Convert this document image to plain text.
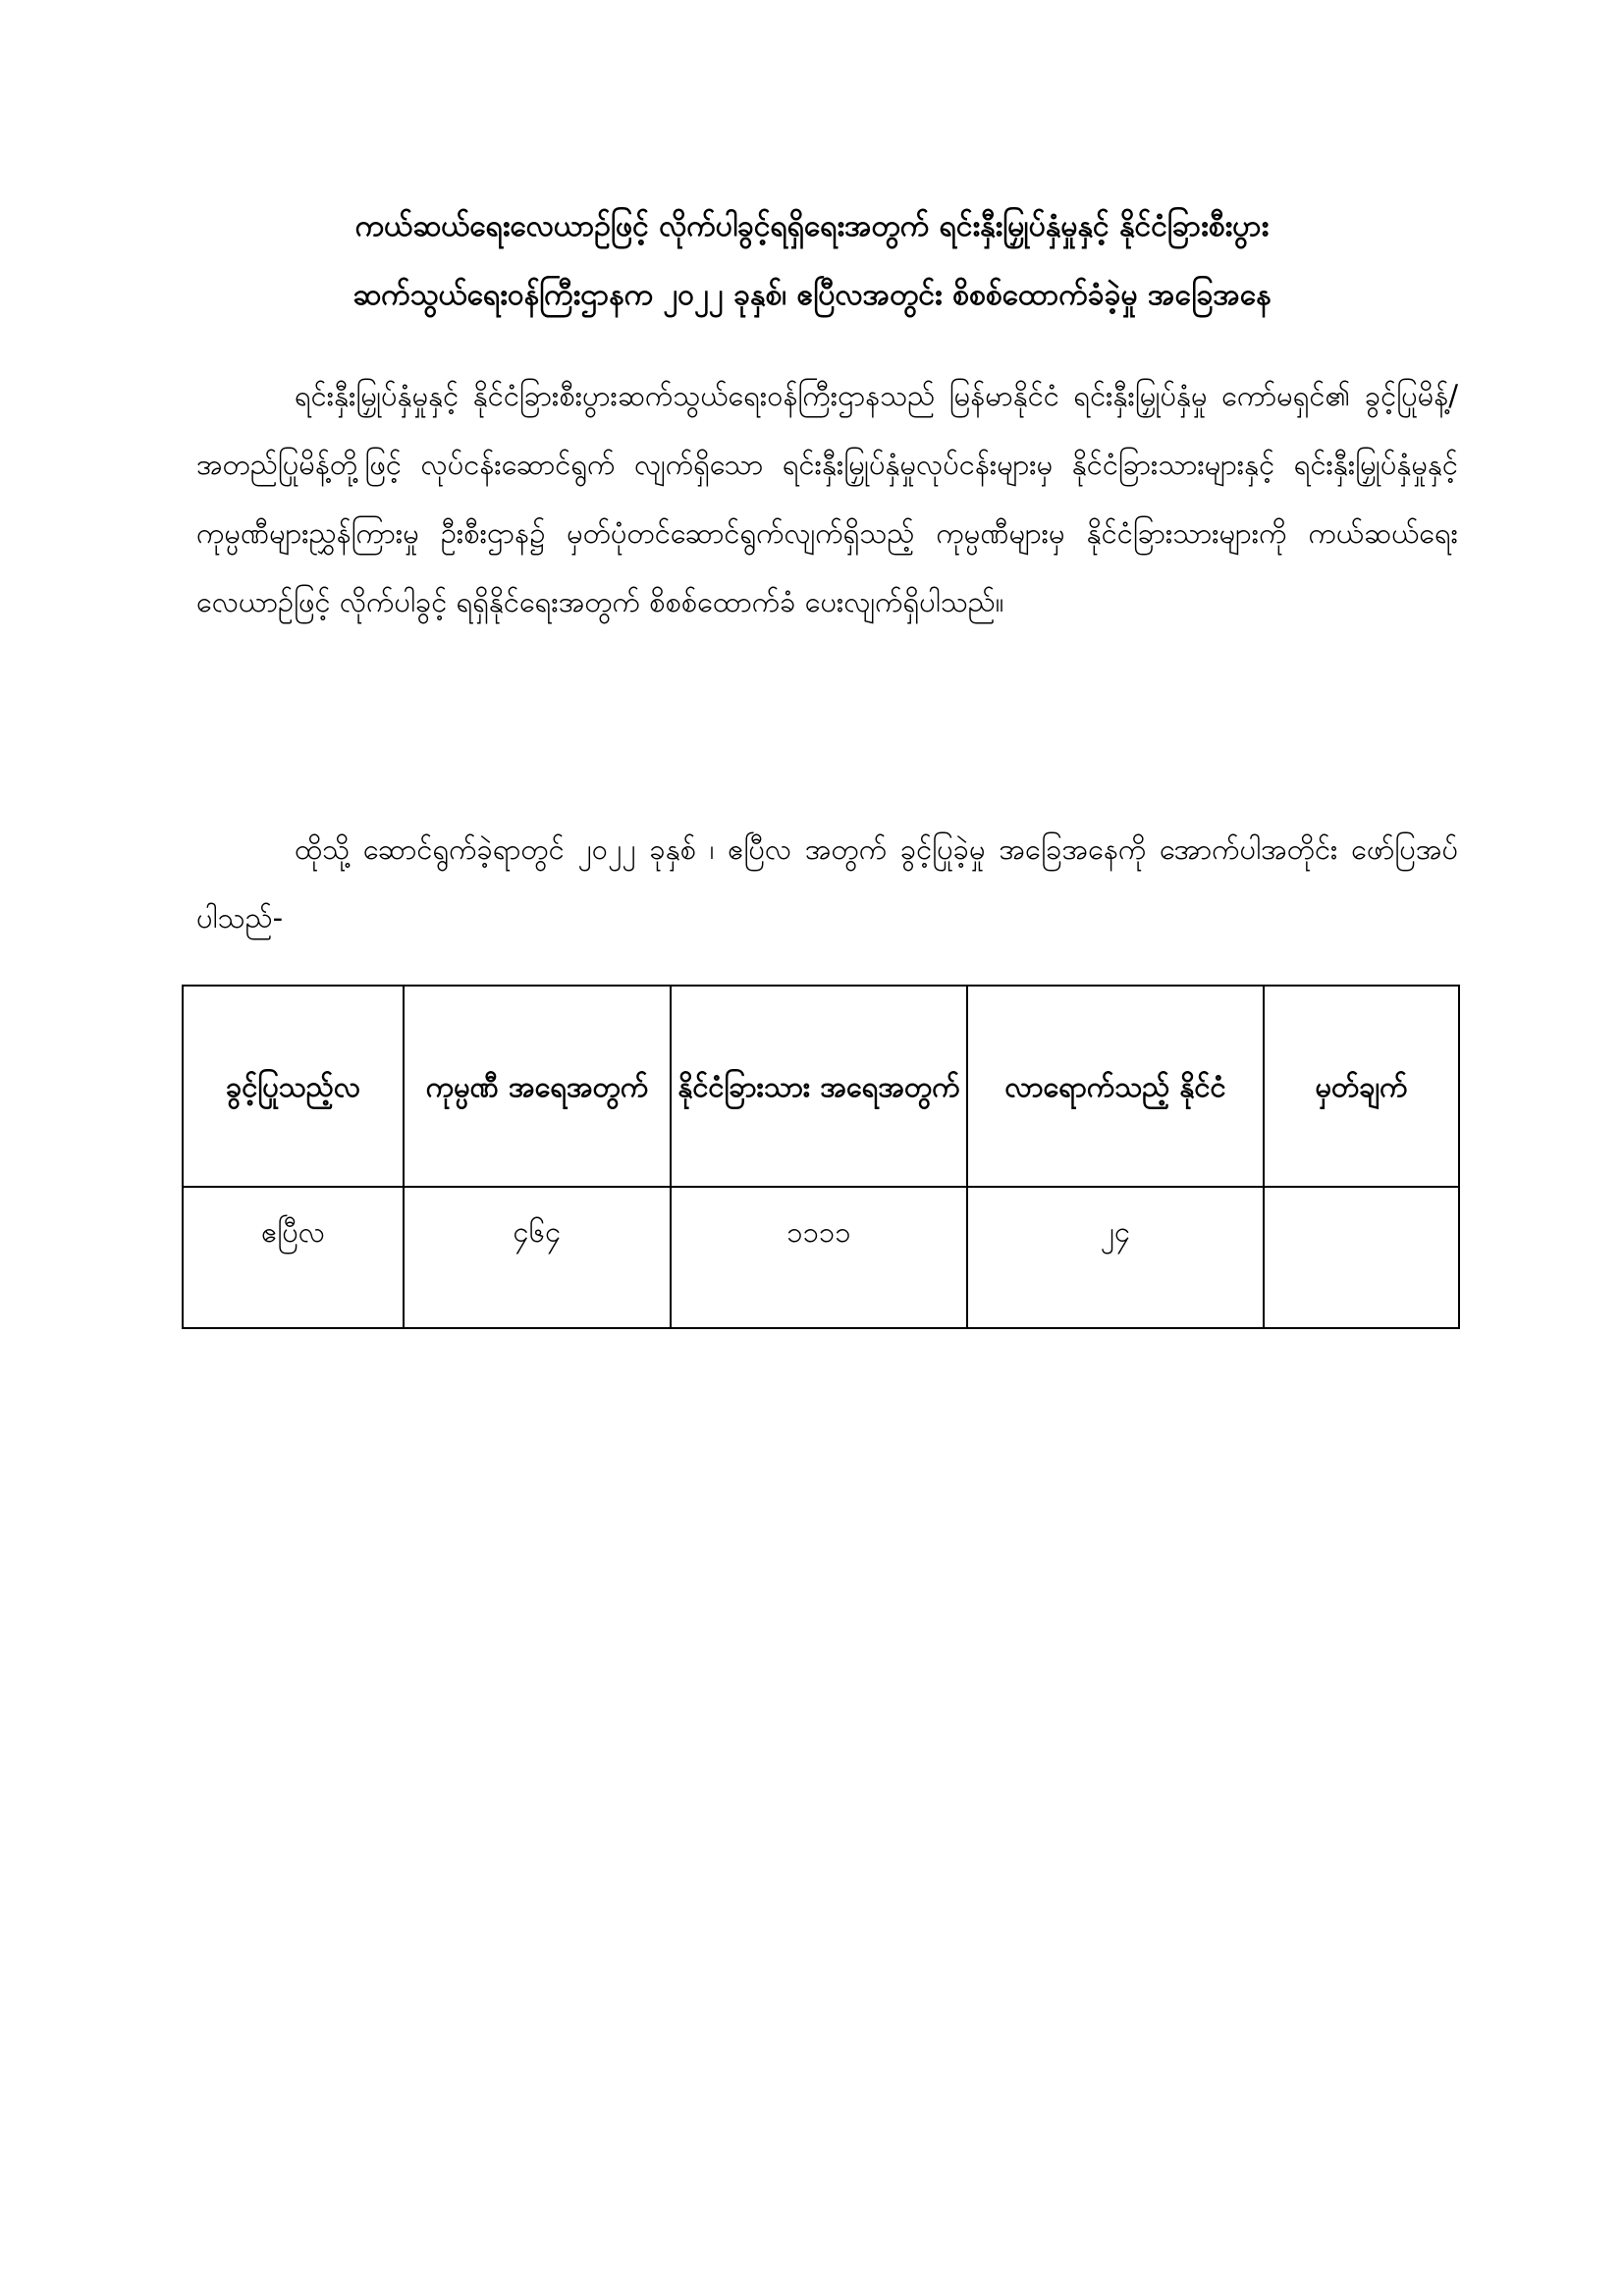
ကယ်ဆယ်ရေးလေယာဉ်ဖြင့် လိုက်ပါခွင့်ရရှိရေးအတွက် ရင်းနှီးမြှုပ်နှံမှုနှင့် နိုင်ငံခြားစီးပွား
ဆက်သွယ်ရေးဝန်ကြီးဌာနက ၂၀၂၂ ခုနှစ်၊ ဧပြီလအတွင်း စိစစ်ထောက်ခံခဲ့မှု အခြေအနေ
ရင်းနှီးမြှုပ်နှံမှုနှင့် နိုင်ငံခြားစီးပွားဆက်သွယ်ရေးဝန်ကြီးဌာနသည် မြန်မာနိုင်ငံ ရင်းနှီးမြှုပ်နှံမှု ကော်မရှင်၏ ခွင့်ပြုမိန့်/ အတည်ပြုမိန့်တို့ဖြင့် လုပ်ငန်းဆောင်ရွက် လျက်ရှိသော ရင်းနှီးမြှုပ်နှံမှုလုပ်ငန်းများမှ နိုင်ငံခြားသားများနှင့် ရင်းနှီးမြှုပ်နှံမှုနှင့် ကုမ္ပဏီများညွှန်ကြားမှု ဦးစီးဌာန၌ မှတ်ပုံတင်ဆောင်ရွက်လျက်ရှိသည့် ကုမ္ပဏီများမှ နိုင်ငံခြားသားများကို ကယ်ဆယ်ရေးလေယာဉ်ဖြင့် လိုက်ပါခွင့် ရရှိနိုင်ရေးအတွက် စိစစ်ထောက်ခံ ပေးလျက်ရှိပါသည်။
ထိုသို့ ဆောင်ရွက်ခဲ့ရာတွင် ၂၀၂၂ ခုနှစ် ၊ ဧပြီလ အတွက် ခွင့်ပြုခဲ့မှု အခြေအနေကို အောက်ပါအတိုင်း ဖော်ပြအပ်ပါသည်-
ခွင့်ပြုသည့်လ	ကုမ္ပဏီ အရေအတွက်	နိုင်ငံခြားသား အရေအတွက်	လာရောက်သည့် နိုင်ငံ	မှတ်ချက်
ဧပြီလ	၄၆၄	၁၁၁၁	၂၄	
